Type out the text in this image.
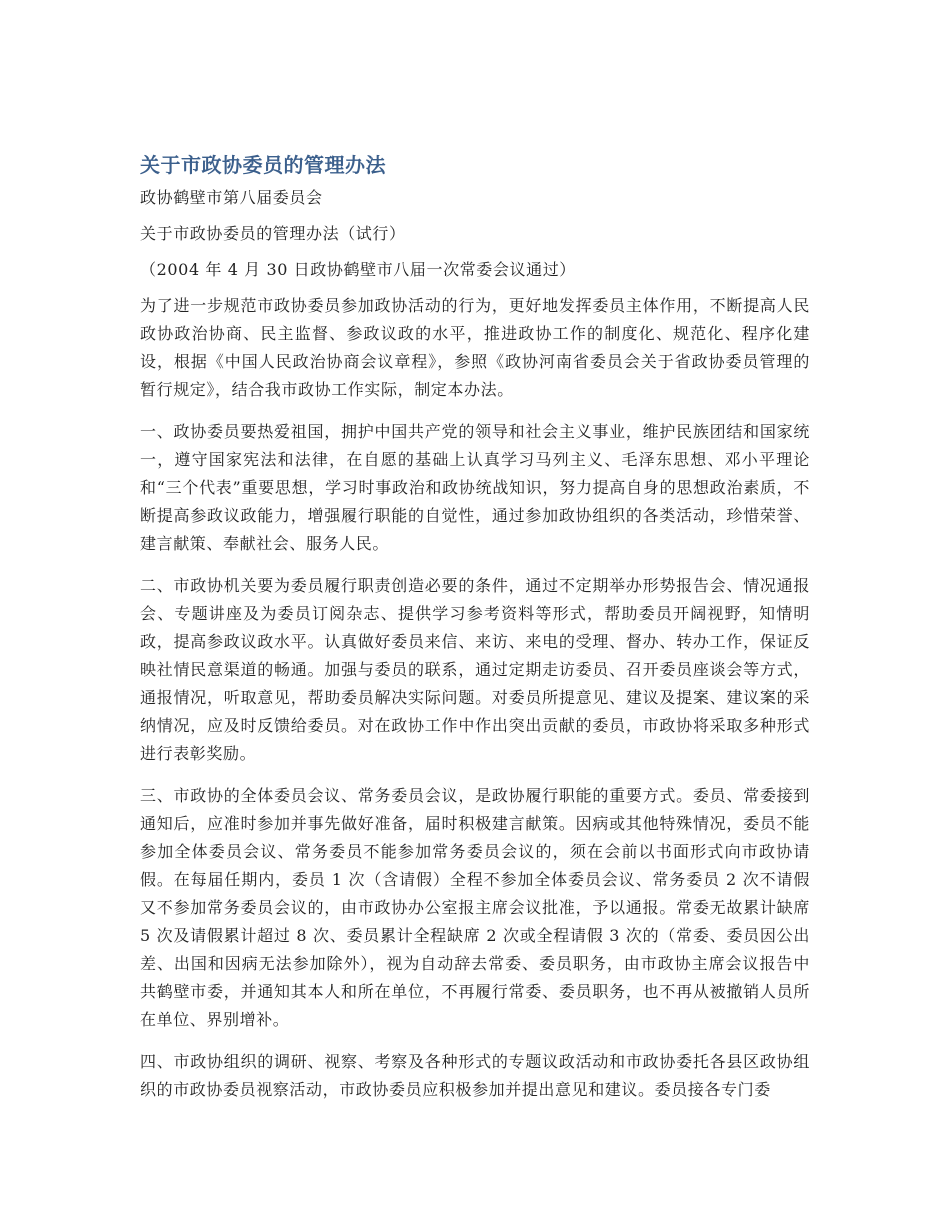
关于市政协委员的管理办法

政协鹤壁市第八届委员会

关于市政协委员的管理办法（试行）

（2004 年 4 月 30 日政协鹤壁市八届一次常委会议通过）

为了进一步规范市政协委员参加政协活动的行为，更好地发挥委员主体作用，不断提高人民政协政治协商、民主监督、参政议政的水平，推进政协工作的制度化、规范化、程序化建设，根据《中国人民政治协商会议章程》，参照《政协河南省委员会关于省政协委员管理的暂行规定》，结合我市政协工作实际，制定本办法。

一、政协委员要热爱祖国，拥护中国共产党的领导和社会主义事业，维护民族团结和国家统一，遵守国家宪法和法律，在自愿的基础上认真学习马列主义、毛泽东思想、邓小平理论和“三个代表”重要思想，学习时事政治和政协统战知识，努力提高自身的思想政治素质，不断提高参政议政能力，增强履行职能的自觉性，通过参加政协组织的各类活动，珍惜荣誉、建言献策、奉献社会、服务人民。

二、市政协机关要为委员履行职责创造必要的条件，通过不定期举办形势报告会、情况通报会、专题讲座及为委员订阅杂志、提供学习参考资料等形式，帮助委员开阔视野，知情明政，提高参政议政水平。认真做好委员来信、来访、来电的受理、督办、转办工作，保证反映社情民意渠道的畅通。加强与委员的联系，通过定期走访委员、召开委员座谈会等方式，通报情况，听取意见，帮助委员解决实际问题。对委员所提意见、建议及提案、建议案的采纳情况，应及时反馈给委员。对在政协工作中作出突出贡献的委员，市政协将采取多种形式进行表彰奖励。

三、市政协的全体委员会议、常务委员会议，是政协履行职能的重要方式。委员、常委接到通知后，应准时参加并事先做好准备，届时积极建言献策。因病或其他特殊情况，委员不能参加全体委员会议、常务委员不能参加常务委员会议的，须在会前以书面形式向市政协请假。在每届任期内，委员 1 次（含请假）全程不参加全体委员会议、常务委员 2 次不请假又不参加常务委员会议的，由市政协办公室报主席会议批准，予以通报。常委无故累计缺席 5 次及请假累计超过 8 次、委员累计全程缺席 2 次或全程请假 3 次的（常委、委员因公出差、出国和因病无法参加除外），视为自动辞去常委、委员职务，由市政协主席会议报告中共鹤壁市委，并通知其本人和所在单位，不再履行常委、委员职务，也不再从被撤销人员所在单位、界别增补。

四、市政协组织的调研、视察、考察及各种形式的专题议政活动和市政协委托各县区政协组织的市政协委员视察活动，市政协委员应积极参加并提出意见和建议。委员接各专门委
